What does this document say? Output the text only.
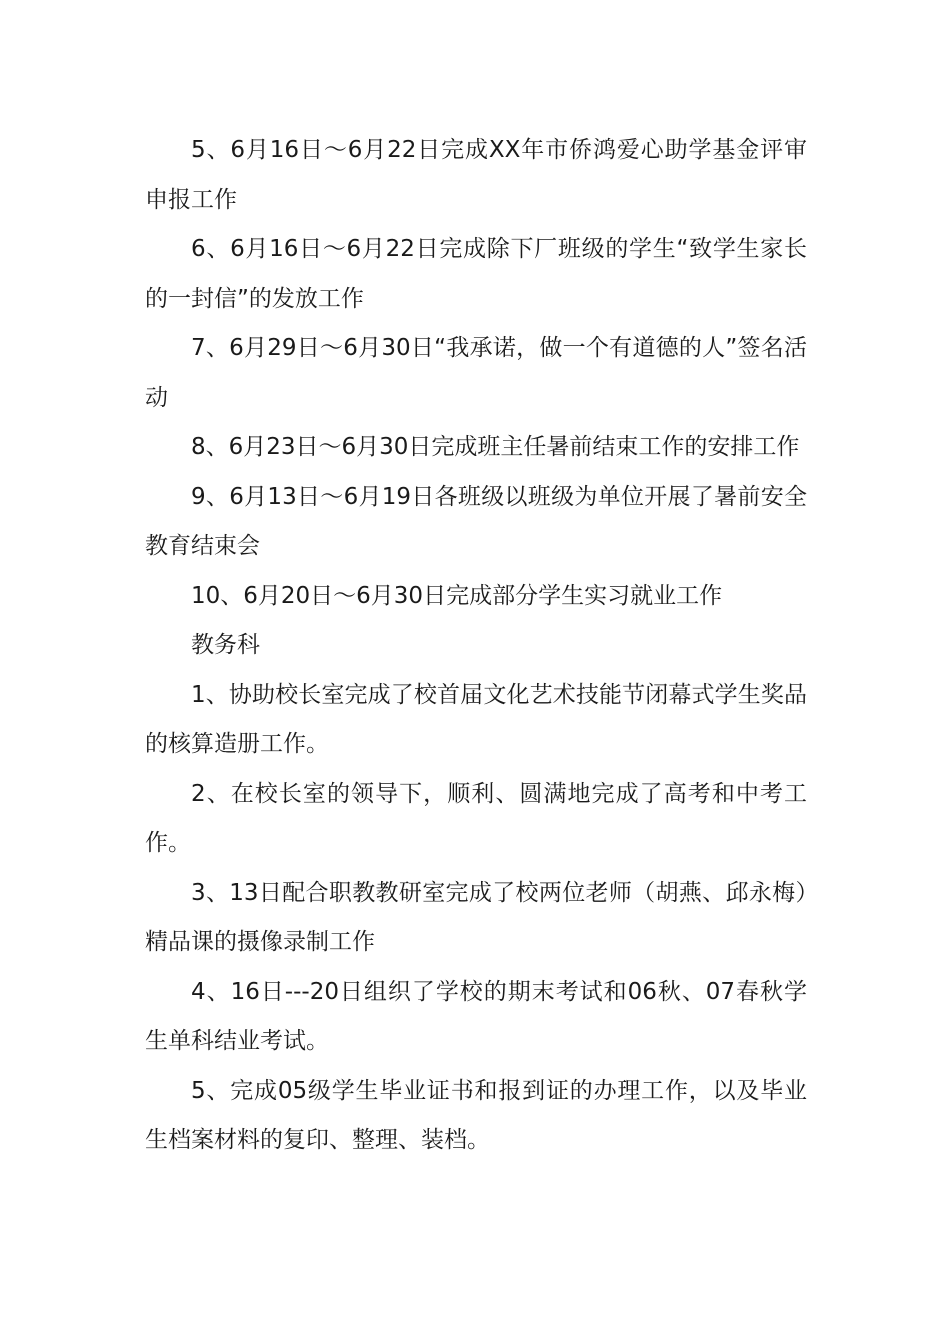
5、6月16日～6月22日完成XX年市侨鸿爱心助学基金评审申报工作

6、6月16日～6月22日完成除下厂班级的学生“致学生家长的一封信”的发放工作

7、6月29日～6月30日“我承诺，做一个有道德的人”签名活动

8、6月23日～6月30日完成班主任暑前结束工作的安排工作

9、6月13日～6月19日各班级以班级为单位开展了暑前安全教育结束会

10、6月20日～6月30日完成部分学生实习就业工作

教务科

1、协助校长室完成了校首届文化艺术技能节闭幕式学生奖品的核算造册工作。

2、在校长室的领导下，顺利、圆满地完成了高考和中考工作。

3、13日配合职教教研室完成了校两位老师（胡燕、邱永梅）精品课的摄像录制工作

4、16日---20日组织了学校的期末考试和06秋、07春秋学生单科结业考试。

5、完成05级学生毕业证书和报到证的办理工作，以及毕业生档案材料的复印、整理、装档。
